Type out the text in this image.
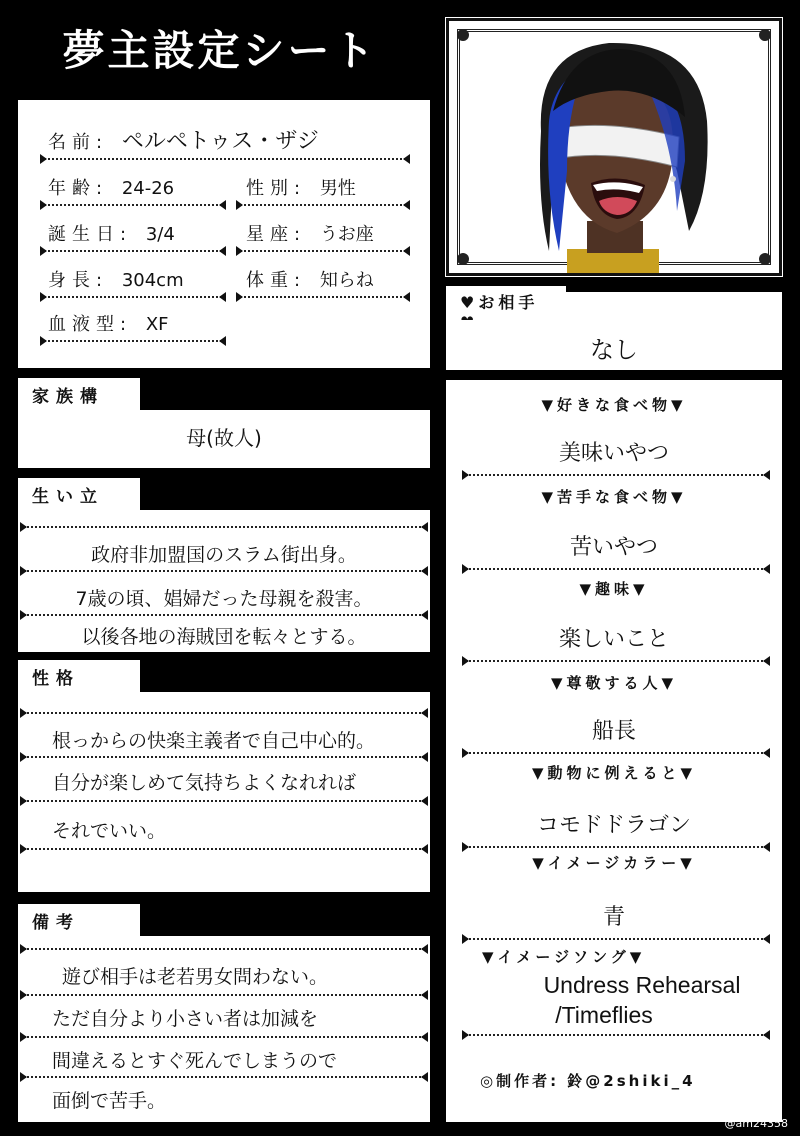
夢主設定シート
名前: ペルペトゥス・ザジ
年齢: 24-26	性別: 男性
誕生日: 3/4	星座: うお座
身長: 304cm	体重: 知らね
血液型: XF
家族構
母(故人)
生い立
政府非加盟国のスラム街出身。
7歳の頃、娼婦だった母親を殺害。
以後各地の海賊団を転々とする。
性格
根っからの快楽主義者で自己中心的。
自分が楽しめて気持ちよくなれれば
それでいい。
備考
遊び相手は老若男女問わない。
ただ自分より小さい者は加減を
間違えるとすぐ死んでしまうので
面倒で苦手。
♥お相手
なし
▼好きな食べ物▼
美味いやつ
▼苦手な食べ物▼
苦いやつ
▼趣味▼
楽しいこと
▼尊敬する人▼
船長
▼動物に例えると▼
コモドドラゴン
▼イメージカラー▼
青
▼イメージソング▼
Undress Rehearsal
/Timeflies
◎制作者: 鈴@2shiki_4
@am24358
